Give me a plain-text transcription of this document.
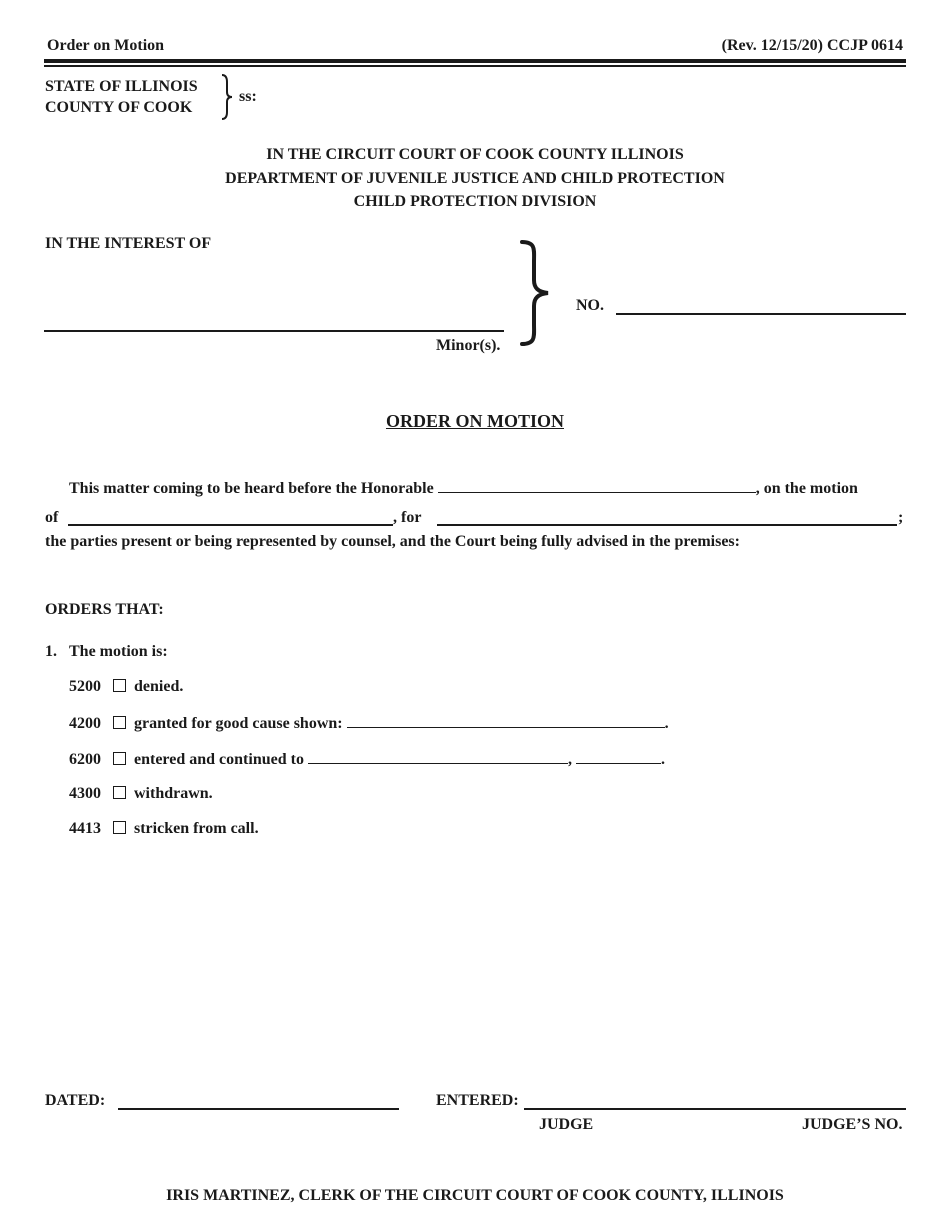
Order on Motion	(Rev. 12/15/20) CCJP 0614
STATE OF ILLINOIS
COUNTY OF COOK
ss:
IN THE CIRCUIT COURT OF COOK COUNTY ILLINOIS
DEPARTMENT OF JUVENILE JUSTICE AND CHILD PROTECTION
CHILD PROTECTION DIVISION
IN THE INTEREST OF
Minor(s).
NO.
ORDER ON MOTION
This matter coming to be heard before the Honorable	, on the motion
of	, for	;
the parties present or being represented by counsel, and the Court being fully advised in the premises:
ORDERS THAT:
1. The motion is:
5200 denied.
4200 granted for good cause shown:	.
6200 entered and continued to	,	.
4300 withdrawn.
4413 stricken from call.
DATED:	ENTERED:
JUDGE	JUDGE’S NO.
IRIS MARTINEZ, CLERK OF THE CIRCUIT COURT OF COOK COUNTY, ILLINOIS
